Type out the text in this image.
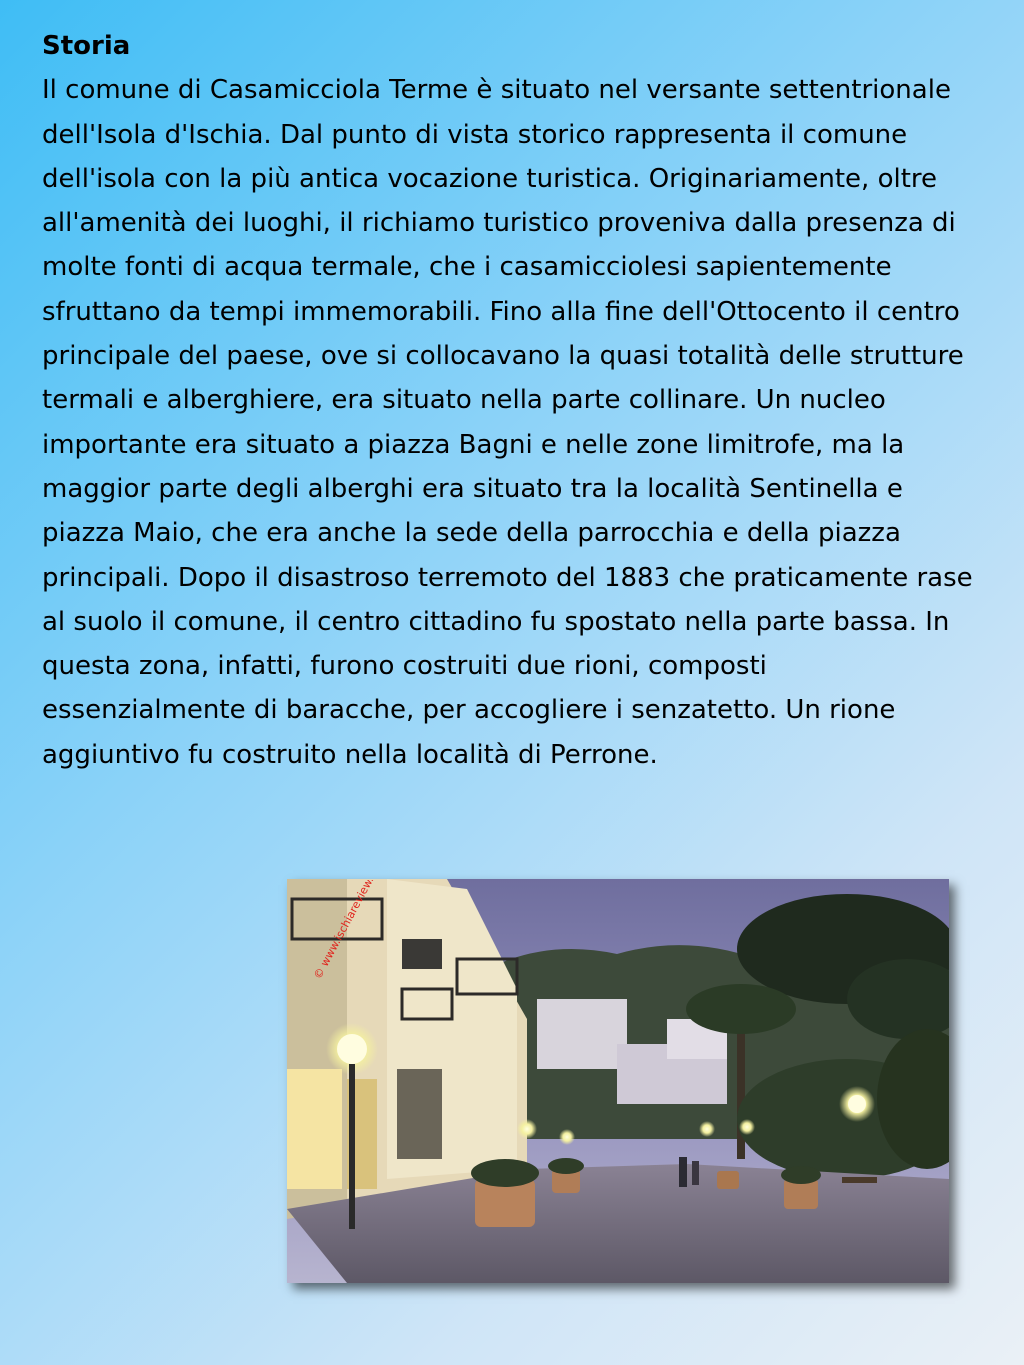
Storia
Il comune di Casamicciola Terme è situato nel versante settentrionale dell'Isola d'Ischia. Dal punto di vista storico rappresenta il comune dell'isola con la più antica vocazione turistica. Originariamente, oltre all'amenità dei luoghi, il richiamo turistico proveniva dalla presenza di molte fonti di acqua termale, che i casamicciolesi sapientemente sfruttano da tempi immemorabili. Fino alla fine dell'Ottocento il centro principale del paese, ove si collocavano la quasi totalità delle strutture termali e alberghiere, era situato nella parte collinare. Un nucleo importante era situato a piazza Bagni e nelle zone limitrofe, ma la maggior parte degli alberghi era situato tra la località Sentinella e piazza Maio, che era anche la sede della parrocchia e della piazza principali. Dopo il disastroso terremoto del 1883 che praticamente rase al suolo il comune, il centro cittadino fu spostato nella parte bassa. In questa zona, infatti, furono costruiti due rioni, composti essenzialmente di baracche, per accogliere i senzatetto. Un rione aggiuntivo fu costruito nella località di Perrone.
© www.ischiareview.com
